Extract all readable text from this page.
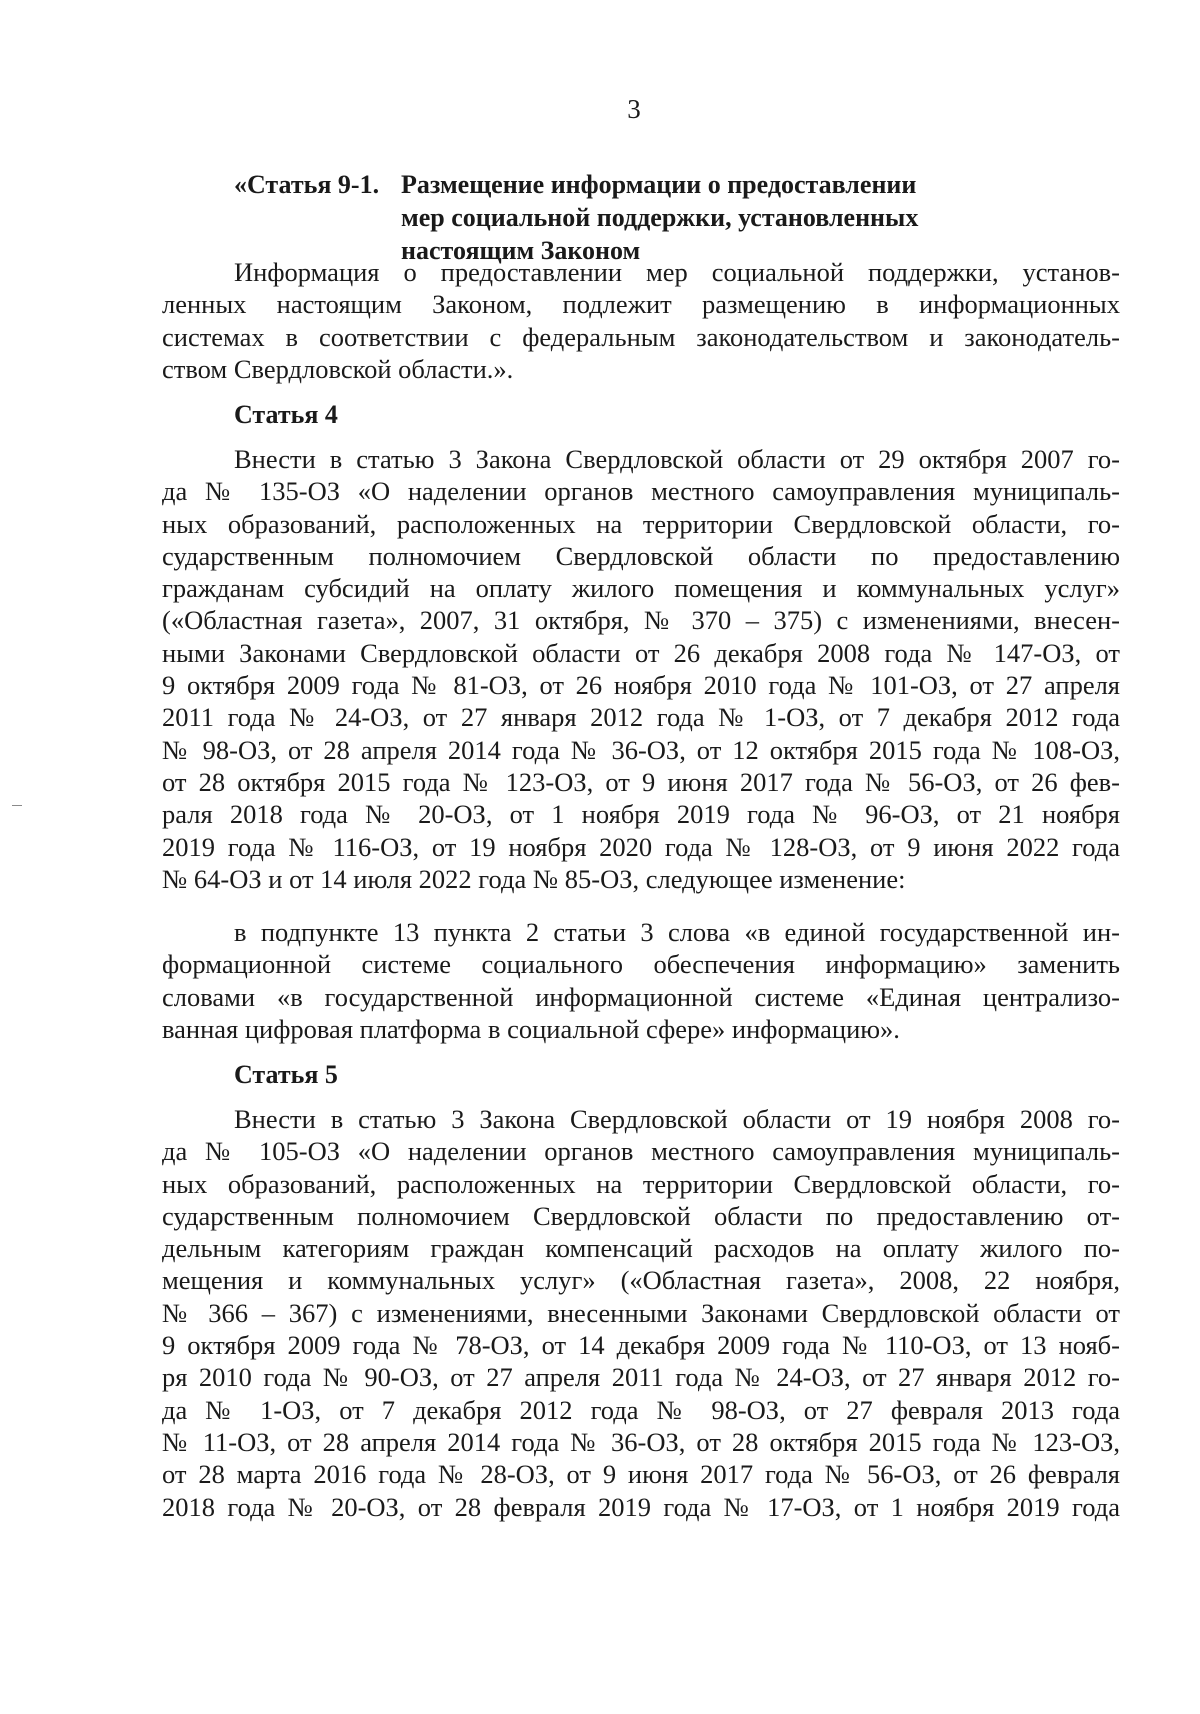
3
«Статья 9-1. Размещение информации о предоставлении
мер социальной поддержки, установленных
настоящим Законом
Информация о предоставлении мер социальной поддержки, установ-
ленных настоящим Законом, подлежит размещению в информационных
системах в соответствии с федеральным законодательством и законодатель-
ством Свердловской области.».
Статья 4
Внести в статью 3 Закона Свердловской области от 29 октября 2007 го-
да № 135-ОЗ «О наделении органов местного самоуправления муниципаль-
ных образований, расположенных на территории Свердловской области, го-
сударственным полномочием Свердловской области по предоставлению
гражданам субсидий на оплату жилого помещения и коммунальных услуг»
(«Областная газета», 2007, 31 октября, № 370 – 375) с изменениями, внесен-
ными Законами Свердловской области от 26 декабря 2008 года № 147-ОЗ, от
9 октября 2009 года № 81-ОЗ, от 26 ноября 2010 года № 101-ОЗ, от 27 апреля
2011 года № 24-ОЗ, от 27 января 2012 года № 1-ОЗ, от 7 декабря 2012 года
№ 98-ОЗ, от 28 апреля 2014 года № 36-ОЗ, от 12 октября 2015 года № 108-ОЗ,
от 28 октября 2015 года № 123-ОЗ, от 9 июня 2017 года № 56-ОЗ, от 26 фев-
раля 2018 года № 20-ОЗ, от 1 ноября 2019 года № 96-ОЗ, от 21 ноября
2019 года № 116-ОЗ, от 19 ноября 2020 года № 128-ОЗ, от 9 июня 2022 года
№ 64-ОЗ и от 14 июля 2022 года № 85-ОЗ, следующее изменение:
в подпункте 13 пункта 2 статьи 3 слова «в единой государственной ин-
формационной системе социального обеспечения информацию» заменить
словами «в государственной информационной системе «Единая централизо-
ванная цифровая платформа в социальной сфере» информацию».
Статья 5
Внести в статью 3 Закона Свердловской области от 19 ноября 2008 го-
да № 105-ОЗ «О наделении органов местного самоуправления муниципаль-
ных образований, расположенных на территории Свердловской области, го-
сударственным полномочием Свердловской области по предоставлению от-
дельным категориям граждан компенсаций расходов на оплату жилого по-
мещения и коммунальных услуг» («Областная газета», 2008, 22 ноября,
№ 366 – 367) с изменениями, внесенными Законами Свердловской области от
9 октября 2009 года № 78-ОЗ, от 14 декабря 2009 года № 110-ОЗ, от 13 нояб-
ря 2010 года № 90-ОЗ, от 27 апреля 2011 года № 24-ОЗ, от 27 января 2012 го-
да № 1-ОЗ, от 7 декабря 2012 года № 98-ОЗ, от 27 февраля 2013 года
№ 11-ОЗ, от 28 апреля 2014 года № 36-ОЗ, от 28 октября 2015 года № 123-ОЗ,
от 28 марта 2016 года № 28-ОЗ, от 9 июня 2017 года № 56-ОЗ, от 26 февраля
2018 года № 20-ОЗ, от 28 февраля 2019 года № 17-ОЗ, от 1 ноября 2019 года
